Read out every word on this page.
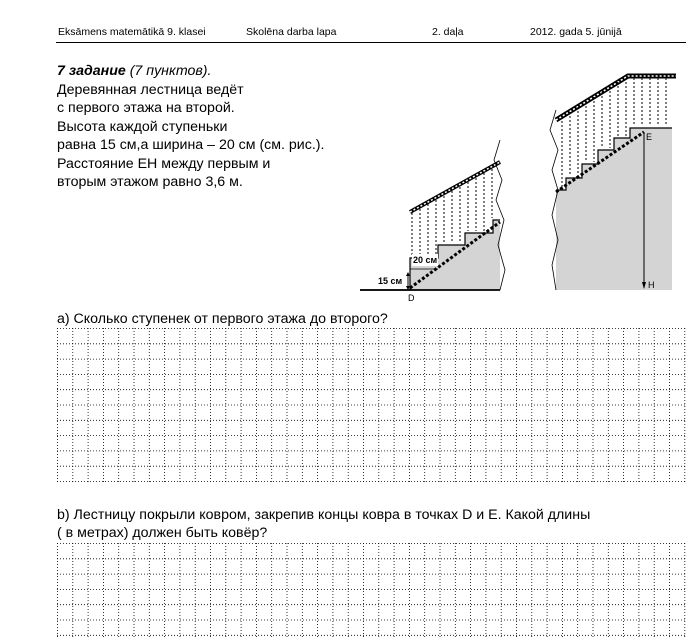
Eksāmens matemātikā 9. klasei	Skolēna darba lapa	2. daļa	2012. gada 5. jūnijā
7 задание (7 пунктов).
Деревянная лестница ведёт
с первого этажа на второй.
Высота каждой ступеньки
равна 15 см,а ширина – 20 см (см. рис.).
Расстояние EH между первым и
вторым этажом равно 3,6 м.
20 см
15 см
D
E
H
а) Сколько ступенек от первого этажа до второго?
b) Лестницу покрыли ковром, закрепив концы ковра в точках D и E. Какой длины
( в метрах) должен быть ковёр?
